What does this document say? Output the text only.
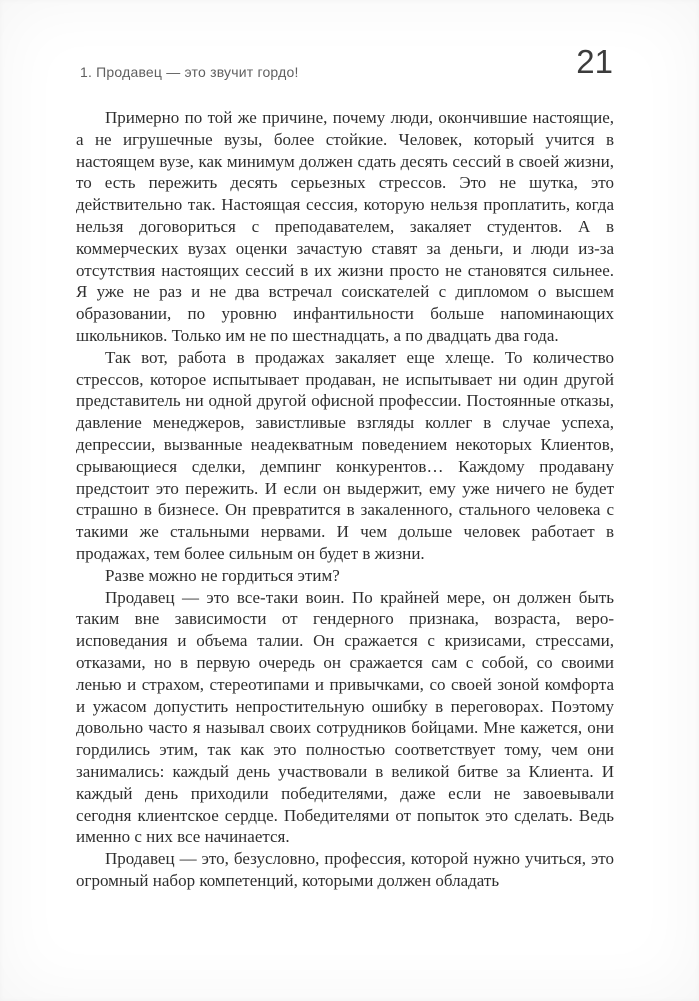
1. Продавец — это звучит гордо!	21

Примерно по той же причине, почему люди, окончившие настоящие, а не игрушечные вузы, более стойкие. Человек, который учится в настоящем вузе, как минимум должен сдать десять сессий в своей жизни, то есть пережить десять серьезных стрессов. Это не шутка, это действительно так. Настоящая сессия, которую нельзя проплатить, когда нельзя договориться с преподавателем, закаляет студентов. А в коммерческих вузах оценки зачастую ставят за деньги, и люди из-за отсутствия настоящих сессий в их жизни просто не становятся сильнее. Я уже не раз и не два встречал соискателей с дипломом о высшем образовании, по уровню инфантильности больше напоминающих школьников. Только им не по шестнадцать, а по двадцать два года.

Так вот, работа в продажах закаляет еще хлеще. То количество стрессов, которое испытывает продаван, не испытывает ни один другой представитель ни одной другой офисной профессии. Постоянные отказы, давление менеджеров, завистливые взгляды коллег в случае успеха, депрессии, вызванные неадекватным поведением некоторых Клиентов, срывающиеся сделки, демпинг конкурентов… Каждому продавану предстоит это пережить. И если он выдержит, ему уже ничего не будет страшно в бизнесе. Он превратится в закаленного, стального человека с такими же стальными нервами. И чем дольше человек работает в продажах, тем более сильным он будет в жизни.

Разве можно не гордиться этим?

Продавец — это все-таки воин. По крайней мере, он должен быть таким вне зависимости от гендерного признака, возраста, вероисповедания и объема талии. Он сражается с кризисами, стрессами, отказами, но в первую очередь он сражается сам с собой, со своими ленью и страхом, стереотипами и привычками, со своей зоной комфорта и ужасом допустить непростительную ошибку в переговорах. Поэтому довольно часто я называл своих сотрудников бойцами. Мне кажется, они гордились этим, так как это полностью соответствует тому, чем они занимались: каждый день участвовали в великой битве за Клиента. И каждый день приходили победителями, даже если не завоевывали сегодня клиентское сердце. Победителями от попыток это сделать. Ведь именно с них все начинается.

Продавец — это, безусловно, профессия, которой нужно учиться, это огромный набор компетенций, которыми должен обладать
